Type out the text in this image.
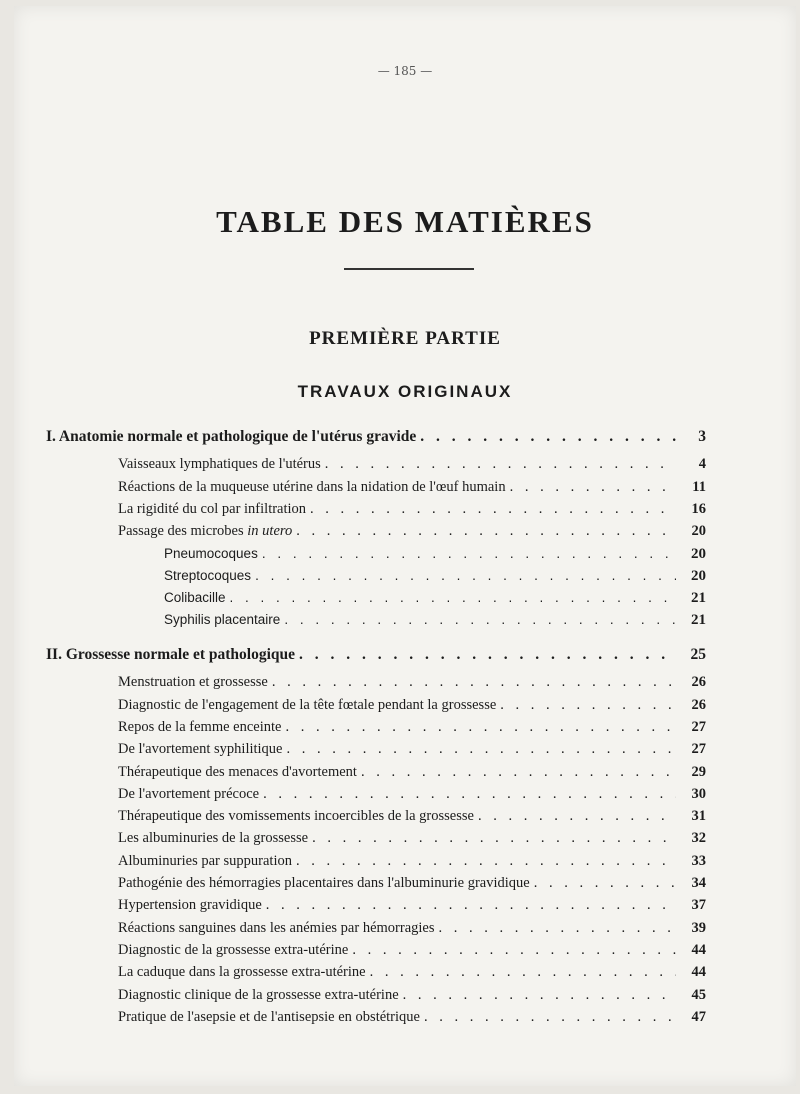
— 185 —
TABLE DES MATIÈRES
PREMIÈRE PARTIE
TRAVAUX ORIGINAUX
I. Anatomie normale et pathologique de l'utérus gravide . . .	3
Vaisseaux lymphatiques de l'utérus . . .	4
Réactions de la muqueuse utérine dans la nidation de l'œuf humain . . .	11
La rigidité du col par infiltration . . .	16
Passage des microbes in utero . . .	20
Pneumocoques . . .	20
Streptocoques . . .	20
Colibacille . . .	21
Syphilis placentaire . . .	21
II. Grossesse normale et pathologique . . .	25
Menstruation et grossesse . . .	26
Diagnostic de l'engagement de la tête fœtale pendant la grossesse . . .	26
Repos de la femme enceinte . . .	27
De l'avortement syphilitique . . .	27
Thérapeutique des menaces d'avortement . . .	29
De l'avortement précoce . . .	30
Thérapeutique des vomissements incoercibles de la grossesse . . .	31
Les albuminuries de la grossesse . . .	32
Albuminuries par suppuration . . .	33
Pathogénie des hémorragies placentaires dans l'albuminurie gravidique . . .	34
Hypertension gravidique . . .	37
Réactions sanguines dans les anémies par hémorragies . . .	39
Diagnostic de la grossesse extra-utérine . . .	44
La caduque dans la grossesse extra-utérine . . .	44
Diagnostic clinique de la grossesse extra-utérine . . .	45
Pratique de l'asepsie et de l'antisepsie en obstétrique . . .	47
